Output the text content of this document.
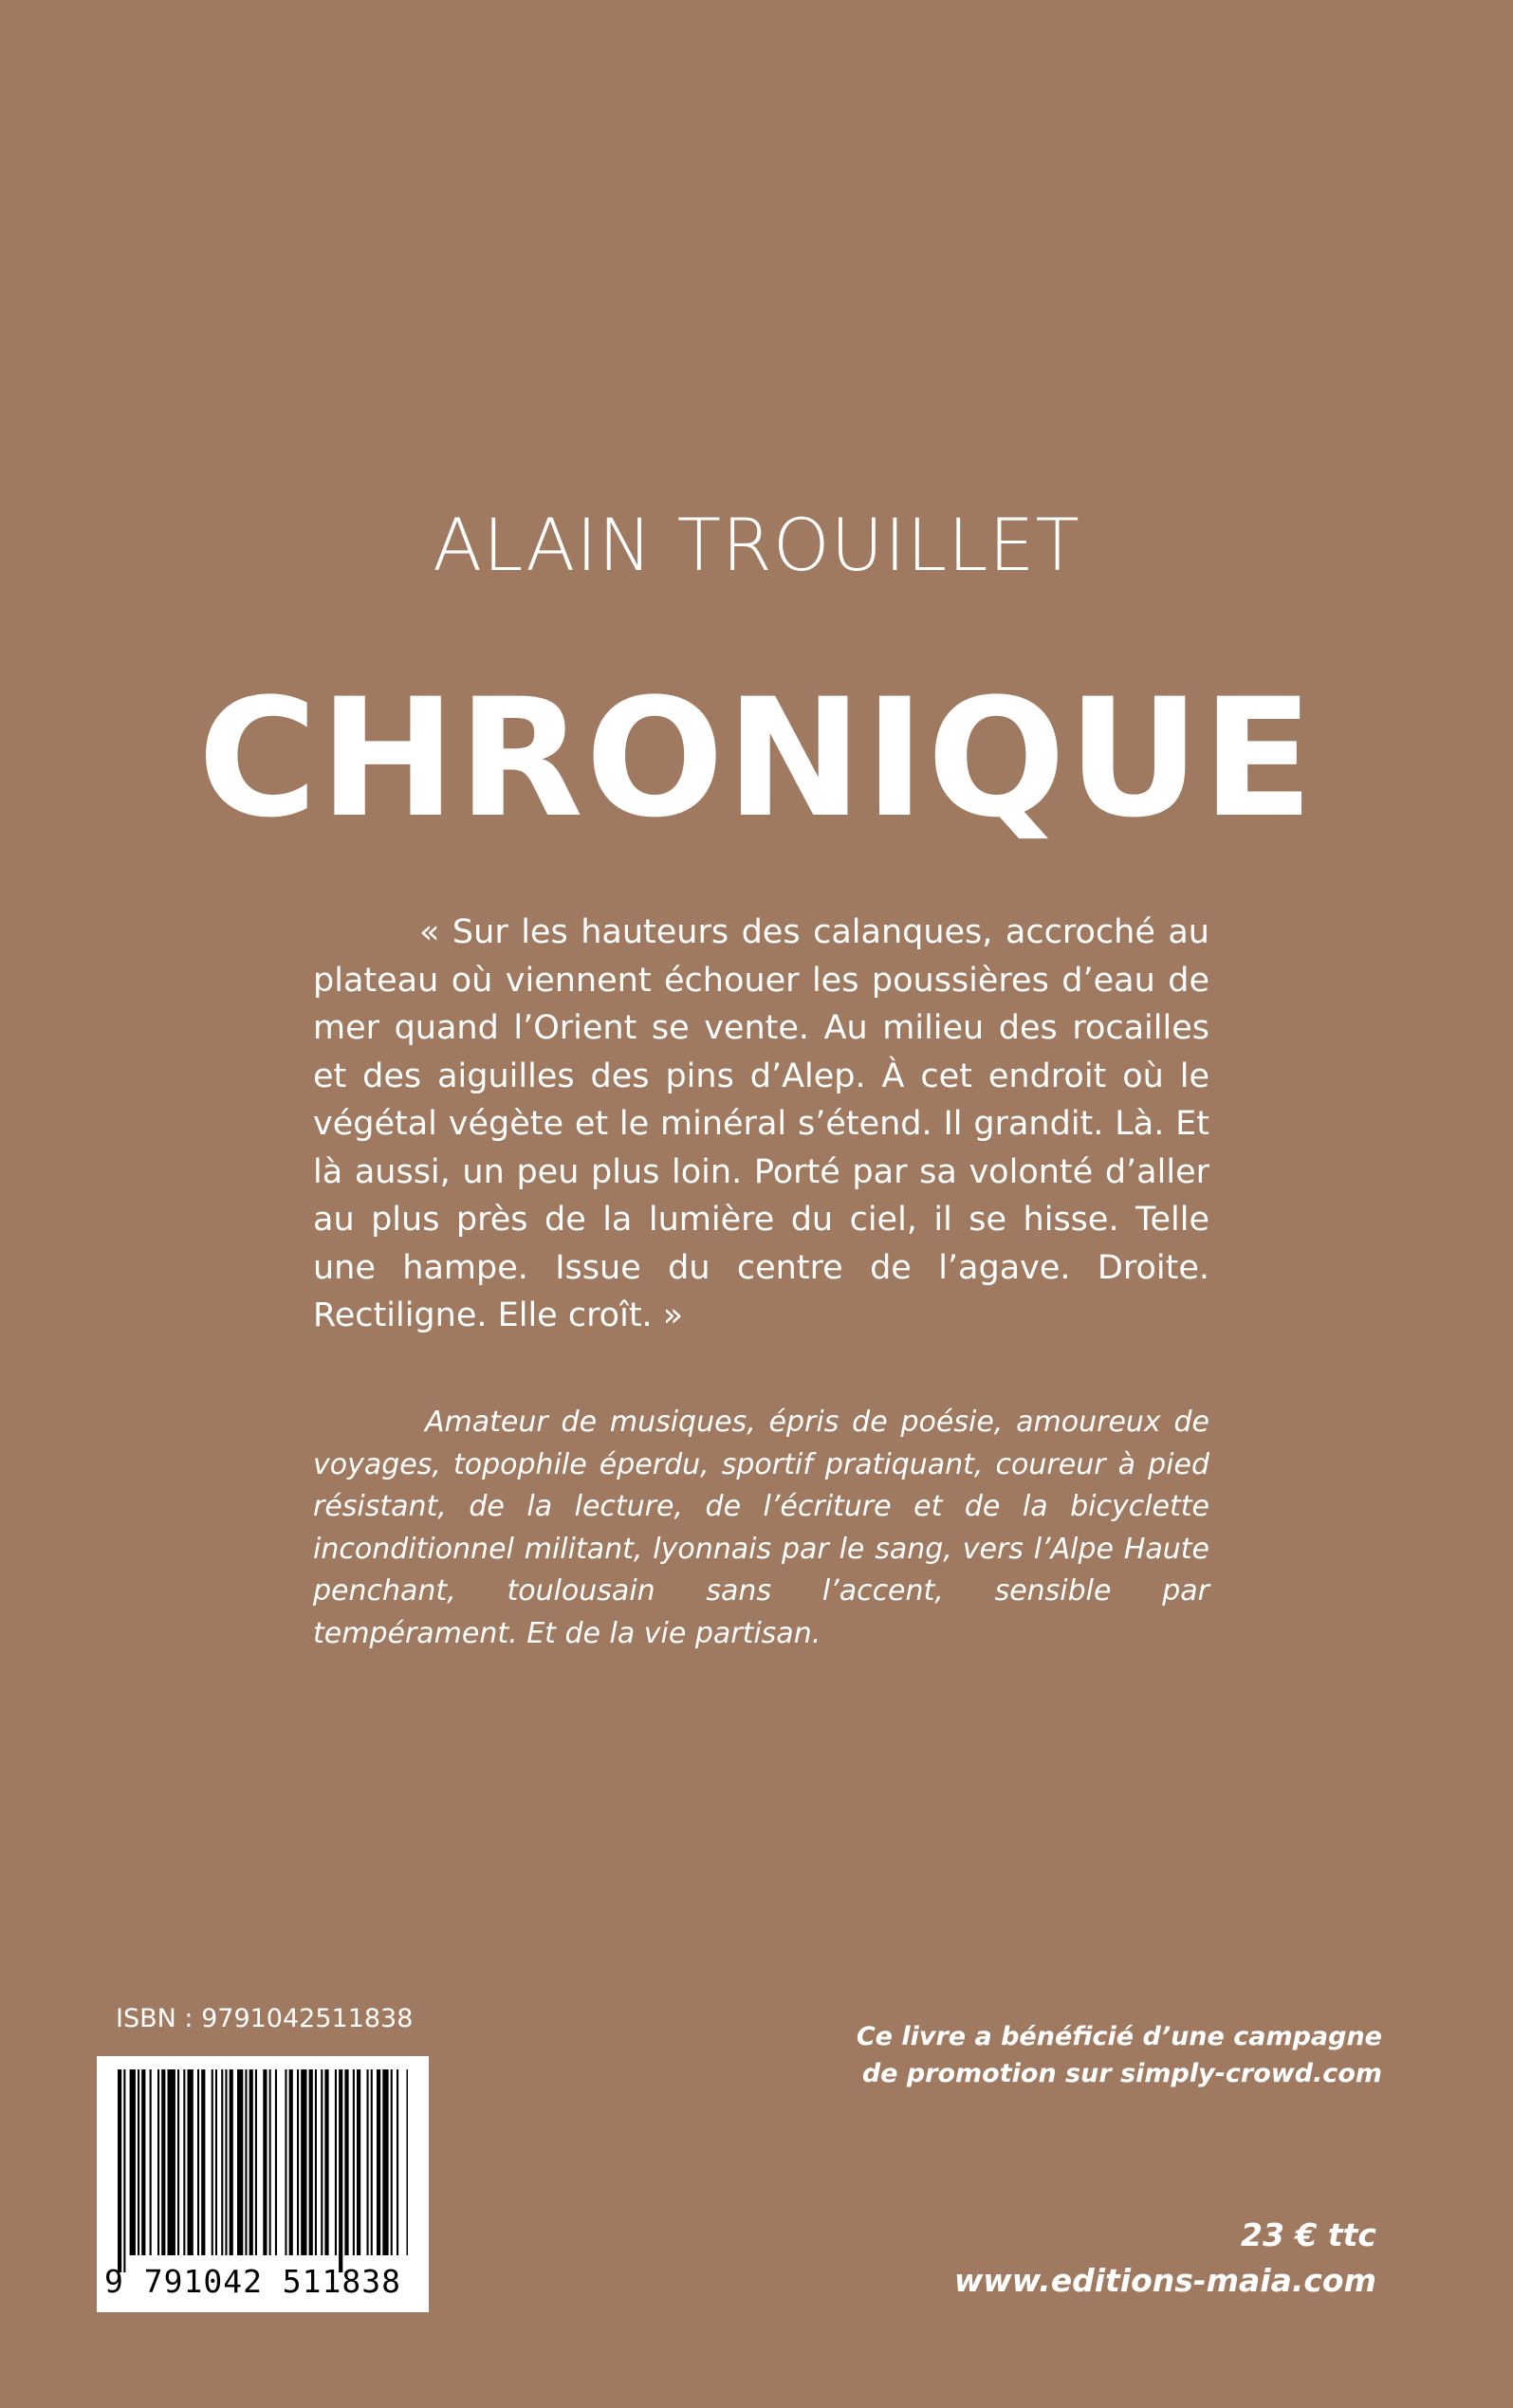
ALAIN TROUILLET
CHRONIQUE

« Sur les hauteurs des calanques, accroché au plateau où viennent échouer les poussières d’eau de mer quand l’Orient se vente. Au milieu des rocailles et des aiguilles des pins d’Alep. À cet endroit où le végétal végète et le minéral s’étend. Il grandit. Là. Et là aussi, un peu plus loin. Porté par sa volonté d’aller au plus près de la lumière du ciel, il se hisse. Telle une hampe. Issue du centre de l’agave. Droite. Rectiligne. Elle croît. »

Amateur de musiques, épris de poésie, amoureux de voyages, topophile éperdu, sportif pratiquant, coureur à pied résistant, de la lecture, de l’écriture et de la bicyclette inconditionnel militant, lyonnais par le sang, vers l’Alpe Haute penchant, toulousain sans l’accent, sensible par tempérament. Et de la vie partisan.

ISBN : 9791042511838
9 791042 511838
Ce livre a bénéficié d’une campagne
de promotion sur simply-crowd.com
23 € ttc
www.editions-maia.com
